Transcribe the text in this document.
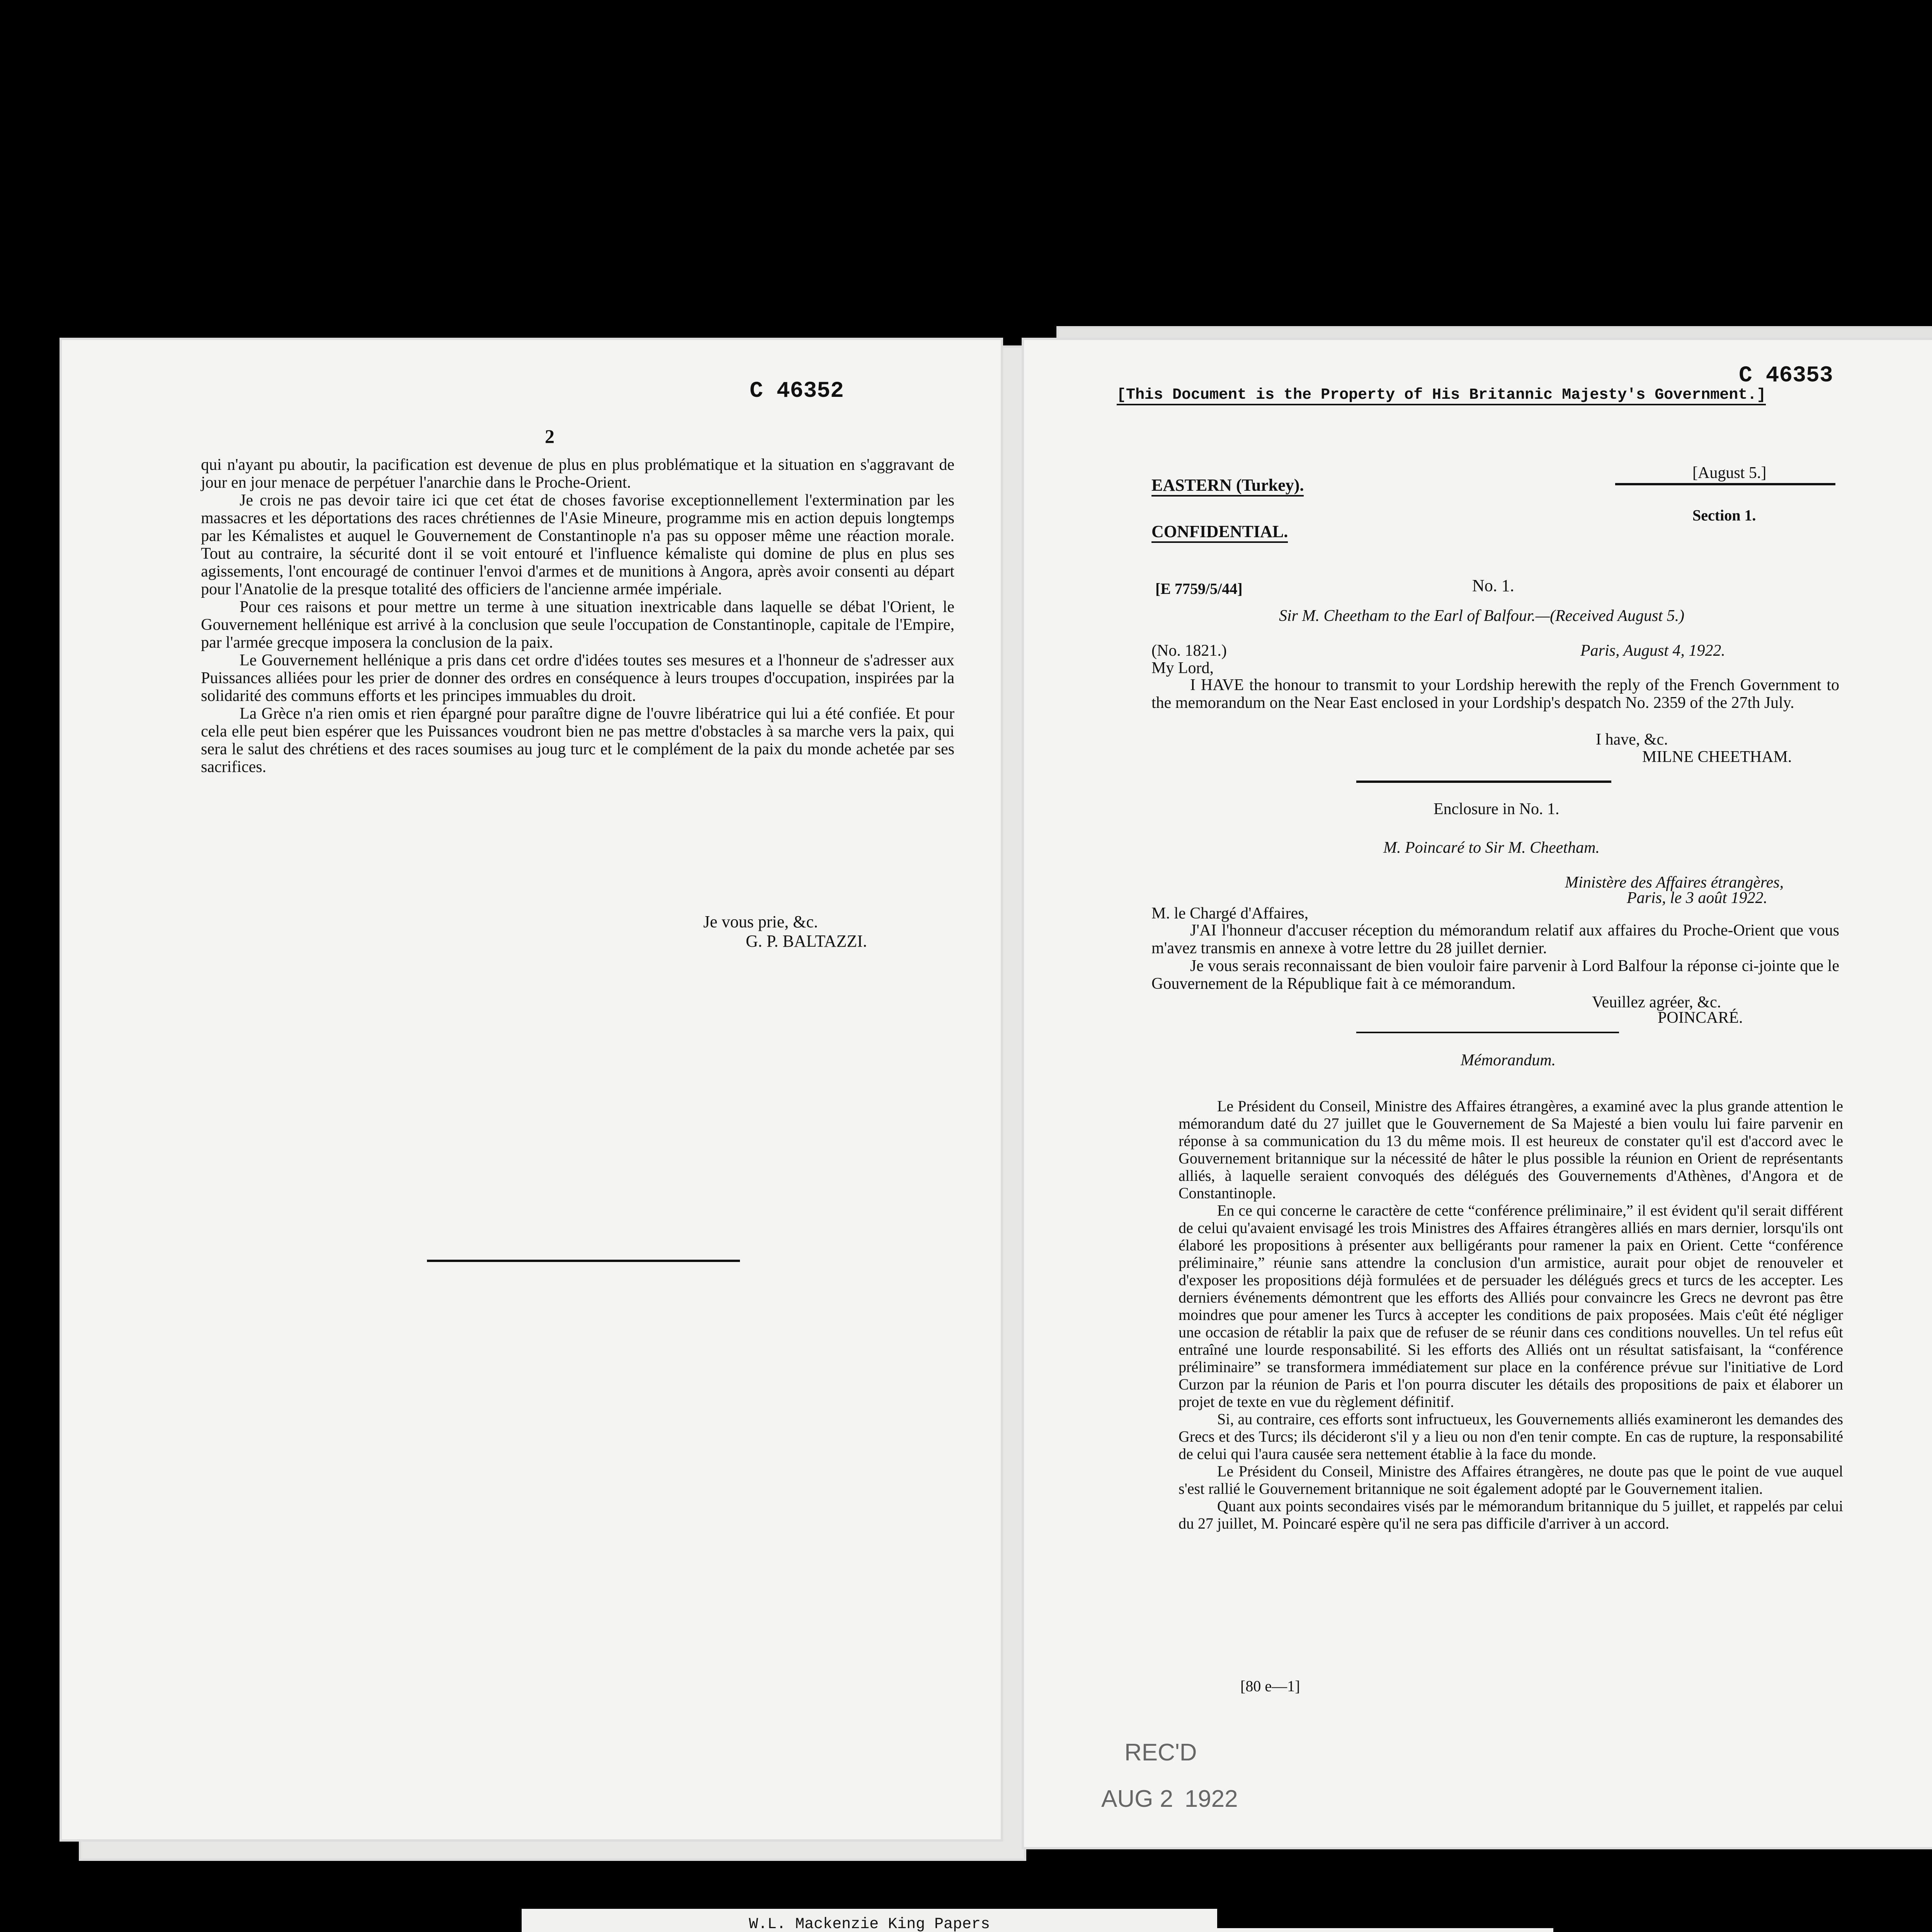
C 46352
2

qui n'ayant pu aboutir, la pacification est devenue de plus en plus problématique et la situation en s'aggravant de jour en jour menace de perpétuer l'anarchie dans le Proche-Orient.

Je crois ne pas devoir taire ici que cet état de choses favorise exceptionnellement l'extermination par les massacres et les déportations des races chrétiennes de l'Asie Mineure, programme mis en action depuis longtemps par les Kémalistes et auquel le Gouvernement de Constantinople n'a pas su opposer même une réaction morale. Tout au contraire, la sécurité dont il se voit entouré et l'influence kémaliste qui domine de plus en plus ses agissements, l'ont encouragé de continuer l'envoi d'armes et de munitions à Angora, après avoir consenti au départ pour l'Anatolie de la presque totalité des officiers de l'ancienne armée impériale.

Pour ces raisons et pour mettre un terme à une situation inextricable dans laquelle se débat l'Orient, le Gouvernement hellénique est arrivé à la conclusion que seule l'occupation de Constantinople, capitale de l'Empire, par l'armée grecque imposera la conclusion de la paix.

Le Gouvernement hellénique a pris dans cet ordre d'idées toutes ses mesures et a l'honneur de s'adresser aux Puissances alliées pour les prier de donner des ordres en conséquence à leurs troupes d'occupation, inspirées par la solidarité des communs efforts et les principes immuables du droit.

La Grèce n'a rien omis et rien épargné pour paraître digne de l'ouvre libératrice qui lui a été confiée. Et pour cela elle peut bien espérer que les Puissances voudront bien ne pas mettre d'obstacles à sa marche vers la paix, qui sera le salut des chrétiens et des races soumises au joug turc et le complément de la paix du monde achetée par ses sacrifices.

Je vous prie, &c.
G. P. BALTAZZI.
C 46353
[This Document is the Property of His Britannic Majesty's Government.]
EASTERN (Turkey).
[August 5.]
CONFIDENTIAL.
Section 1.
[E 7759/5/44]	No. 1.
Sir M. Cheetham to the Earl of Balfour.—(Received August 5.)
(No. 1821.)	Paris, August 4, 1922.
My Lord,

I HAVE the honour to transmit to your Lordship herewith the reply of the French Government to the memorandum on the Near East enclosed in your Lordship's despatch No. 2359 of the 27th July.

I have, &c.
MILNE CHEETHAM.
Enclosure in No. 1.
M. Poincaré to Sir M. Cheetham.
Ministère des Affaires étrangères,
Paris, le 3 août 1922.
M. le Chargé d'Affaires,

J'AI l'honneur d'accuser réception du mémorandum relatif aux affaires du Proche-Orient que vous m'avez transmis en annexe à votre lettre du 28 juillet dernier.

Je vous serais reconnaissant de bien vouloir faire parvenir à Lord Balfour la réponse ci-jointe que le Gouvernement de la République fait à ce mémorandum.

Veuillez agréer, &c.
POINCARÉ.
Mémorandum.

Le Président du Conseil, Ministre des Affaires étrangères, a examiné avec la plus grande attention le mémorandum daté du 27 juillet que le Gouvernement de Sa Majesté a bien voulu lui faire parvenir en réponse à sa communication du 13 du même mois. Il est heureux de constater qu'il est d'accord avec le Gouvernement britannique sur la nécessité de hâter le plus possible la réunion en Orient de représentants alliés, à laquelle seraient convoqués des délégués des Gouvernements d'Athènes, d'Angora et de Constantinople.

En ce qui concerne le caractère de cette “conférence préliminaire,” il est évident qu'il serait différent de celui qu'avaient envisagé les trois Ministres des Affaires étrangères alliés en mars dernier, lorsqu'ils ont élaboré les propositions à présenter aux belligérants pour ramener la paix en Orient. Cette “conférence préliminaire,” réunie sans attendre la conclusion d'un armistice, aurait pour objet de renouveler et d'exposer les propositions déjà formulées et de persuader les délégués grecs et turcs de les accepter. Les derniers événements démontrent que les efforts des Alliés pour convaincre les Grecs ne devront pas être moindres que pour amener les Turcs à accepter les conditions de paix proposées. Mais c'eût été négliger une occasion de rétablir la paix que de refuser de se réunir dans ces conditions nouvelles. Un tel refus eût entraîné une lourde responsabilité. Si les efforts des Alliés ont un résultat satisfaisant, la “conférence préliminaire” se transformera immédiatement sur place en la conférence prévue sur l'initiative de Lord Curzon par la réunion de Paris et l'on pourra discuter les détails des propositions de paix et élaborer un projet de texte en vue du règlement définitif.

Si, au contraire, ces efforts sont infructueux, les Gouvernements alliés examineront les demandes des Grecs et des Turcs; ils décideront s'il y a lieu ou non d'en tenir compte. En cas de rupture, la responsabilité de celui qui l'aura causée sera nettement établie à la face du monde.

Le Président du Conseil, Ministre des Affaires étrangères, ne doute pas que le point de vue auquel s'est rallié le Gouvernement britannique ne soit également adopté par le Gouvernement italien.

Quant aux points secondaires visés par le mémorandum britannique du 5 juillet, et rappelés par celui du 27 juillet, M. Poincaré espère qu'il ne sera pas difficile d'arriver à un accord.

[80 e—1]
REC'D
AUG 2  1922
W.L. Mackenzie King Papers
